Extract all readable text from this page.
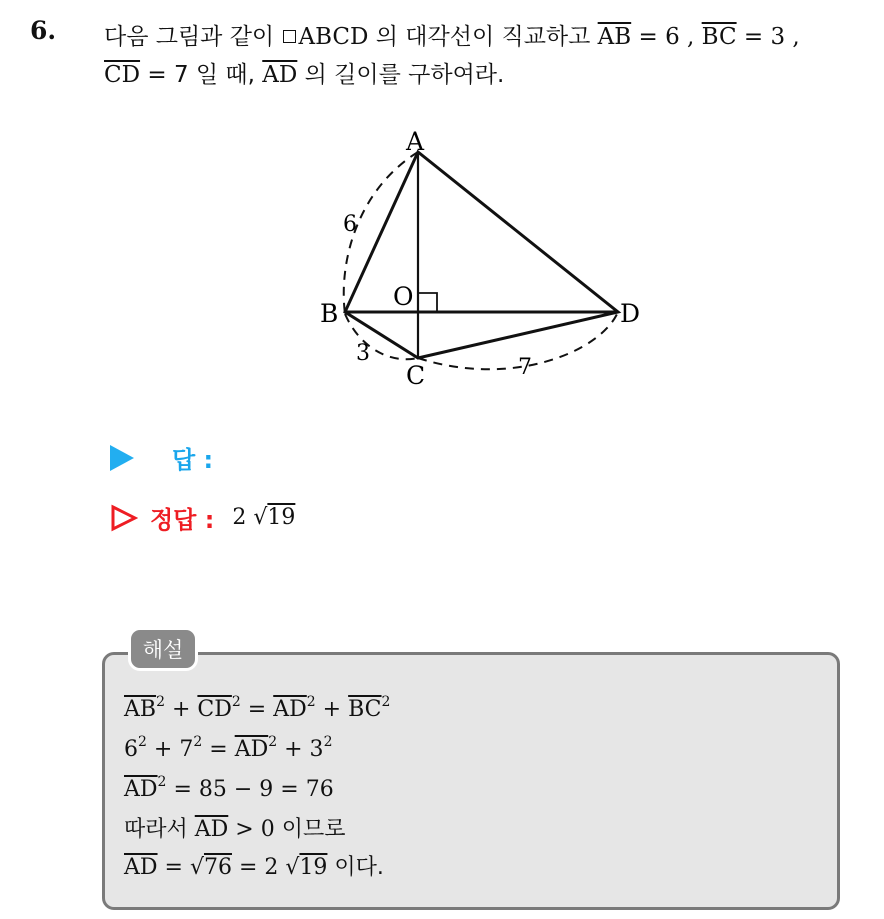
6. 다음 그림과 같이 ABCD 의 대각선이 직교하고 $\overline{AB} = 6$ , $\overline{BC} = 3$ ,
$\overline{CD} = 7$ 일 때, $\overline{AD}$ 의 길이를 구하여라.
A
B
C
D
O
6
3
7
답 :
정답 : 2 √19
해설
$\overline{AB}^2 + \overline{CD}^2 = \overline{AD}^2 + \overline{BC}^2$
$6^2 + 7^2 = \overline{AD}^2 + 3^2$
$\overline{AD}^2 = 85 - 9 = 76$
따라서 $\overline{AD} > 0$ 이므로
$\overline{AD} = √76 = 2$ √19 이다.
